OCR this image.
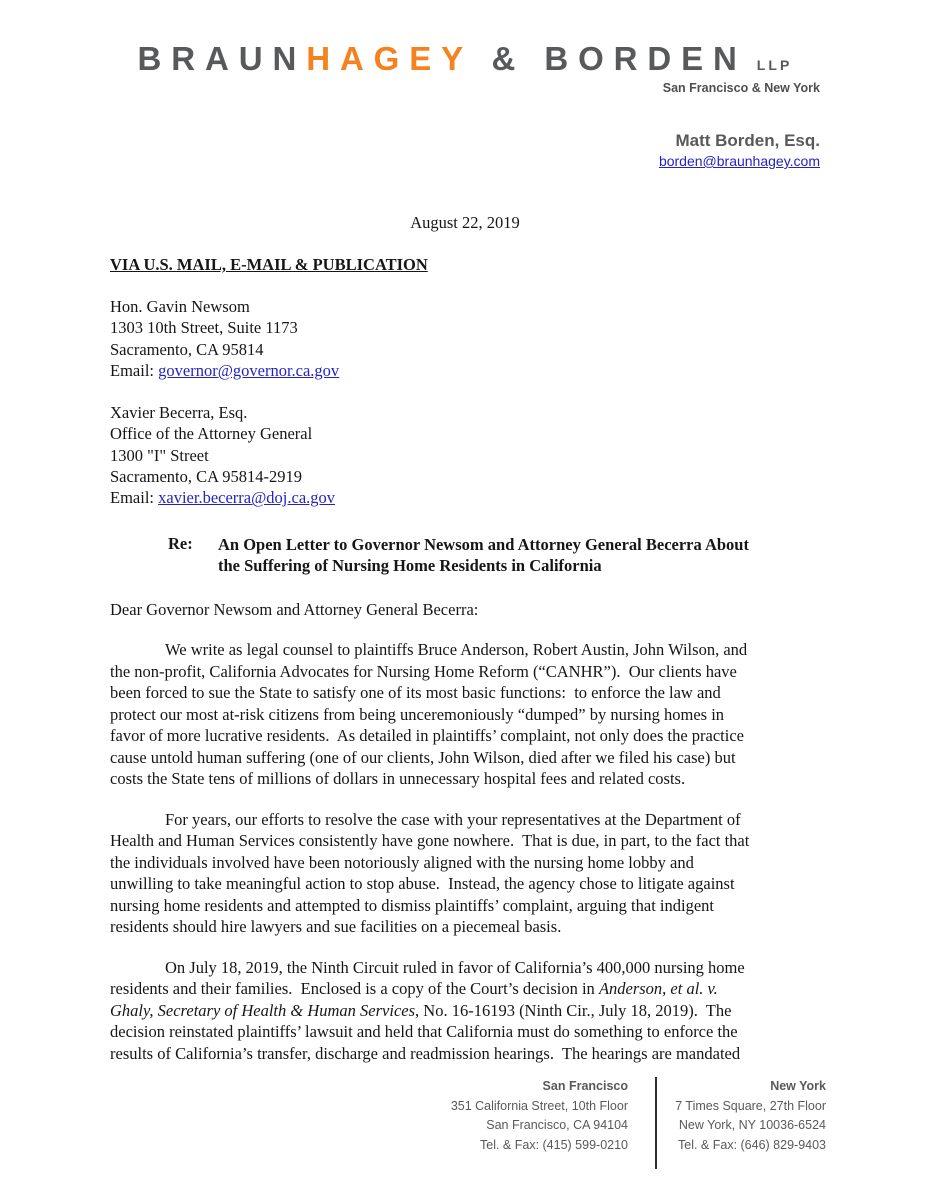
BRAUNHAGEY & BORDEN LLP
San Francisco & New York
Matt Borden, Esq.
borden@braunhagey.com
August 22, 2019
VIA U.S. MAIL, E-MAIL & PUBLICATION
Hon. Gavin Newsom
1303 10th Street, Suite 1173
Sacramento, CA 95814
Email: governor@governor.ca.gov
Xavier Becerra, Esq.
Office of the Attorney General
1300 "I" Street
Sacramento, CA 95814-2919
Email: xavier.becerra@doj.ca.gov
Re:	An Open Letter to Governor Newsom and Attorney General Becerra About
the Suffering of Nursing Home Residents in California
Dear Governor Newsom and Attorney General Becerra:
We write as legal counsel to plaintiffs Bruce Anderson, Robert Austin, John Wilson, and
the non-profit, California Advocates for Nursing Home Reform (“CANHR”).  Our clients have
been forced to sue the State to satisfy one of its most basic functions:  to enforce the law and
protect our most at-risk citizens from being unceremoniously “dumped” by nursing homes in
favor of more lucrative residents.  As detailed in plaintiffs’ complaint, not only does the practice
cause untold human suffering (one of our clients, John Wilson, died after we filed his case) but
costs the State tens of millions of dollars in unnecessary hospital fees and related costs.
For years, our efforts to resolve the case with your representatives at the Department of
Health and Human Services consistently have gone nowhere.  That is due, in part, to the fact that
the individuals involved have been notoriously aligned with the nursing home lobby and
unwilling to take meaningful action to stop abuse.  Instead, the agency chose to litigate against
nursing home residents and attempted to dismiss plaintiffs’ complaint, arguing that indigent
residents should hire lawyers and sue facilities on a piecemeal basis.
On July 18, 2019, the Ninth Circuit ruled in favor of California’s 400,000 nursing home
residents and their families.  Enclosed is a copy of the Court’s decision in Anderson, et al. v.
Ghaly, Secretary of Health & Human Services, No. 16-16193 (Ninth Cir., July 18, 2019).  The
decision reinstated plaintiffs’ lawsuit and held that California must do something to enforce the
results of California’s transfer, discharge and readmission hearings.  The hearings are mandated
San Francisco
351 California Street, 10th Floor
San Francisco, CA 94104
Tel. & Fax: (415) 599-0210
New York
7 Times Square, 27th Floor
New York, NY 10036-6524
Tel. & Fax: (646) 829-9403
